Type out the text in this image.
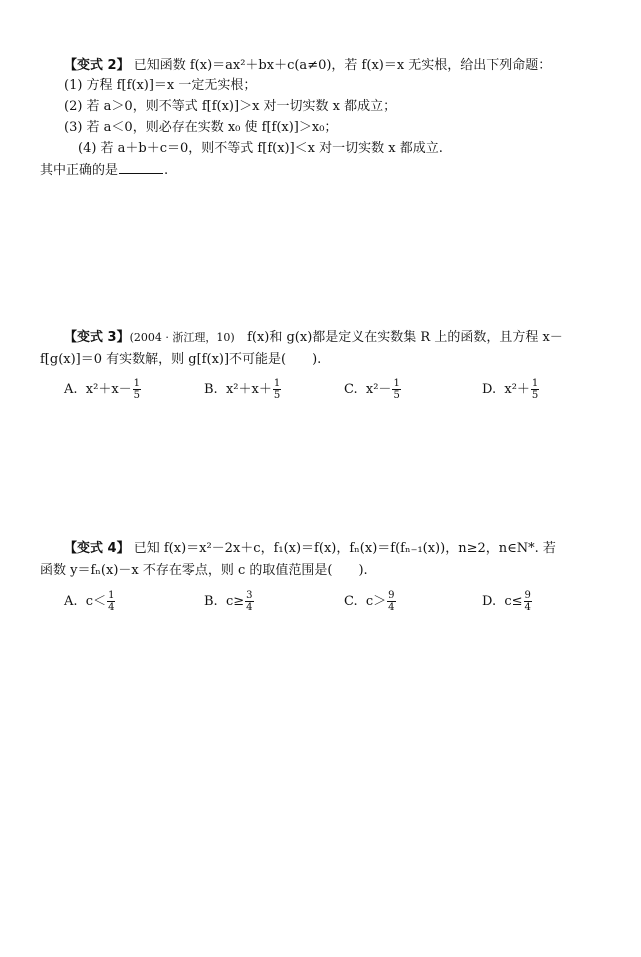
【变式 2】 已知函数 f(x)＝ax²＋bx＋c(a≠0)，若 f(x)＝x 无实根，给出下列命题：
(1) 方程 f[f(x)]＝x 一定无实根；
(2) 若 a＞0，则不等式 f[f(x)]＞x 对一切实数 x 都成立；
(3) 若 a＜0，则必存在实数 x₀ 使 f[f(x)]＞x₀；
(4) 若 a＋b＋c＝0，则不等式 f[f(x)]＜x 对一切实数 x 都成立.
其中正确的是	.
【变式 3】(2004 · 浙江理，10) f(x)和 g(x)都是定义在实数集 R 上的函数，且方程 x－
f[g(x)]＝0 有实数解，则 g[f(x)]不可能是(　　).
A. $x^2+x- \frac{1}{5}$	B. $x^2+x+ \frac{1}{5}$	C. $x^2- \frac{1}{5}$	D. $x^2+ \frac{1}{5}$
【变式 4】 已知 f(x)＝x²－2x＋c，f₁(x)＝f(x)，fₙ(x)＝f(fₙ₋₁(x))，n≥2，n∈N*. 若
函数 y＝fₙ(x)－x 不存在零点，则 c 的取值范围是(　　).
A. $c< \frac{1}{4}$	B. $c\ge \frac{3}{4}$	C. $c> \frac{9}{4}$	D. $c\le \frac{9}{4}$
